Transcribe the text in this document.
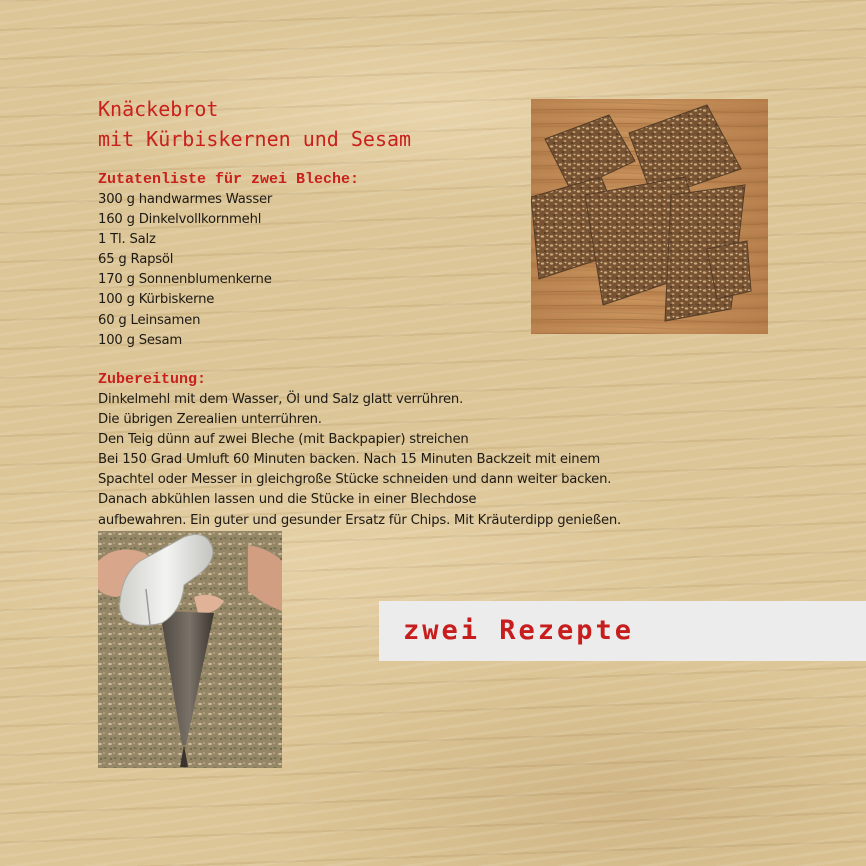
Knäckebrot
mit Kürbiskernen und Sesam
Zutatenliste für zwei Bleche:
300 g handwarmes Wasser
160 g Dinkelvollkornmehl
1 Tl. Salz
65 g Rapsöl
170 g Sonnenblumenkerne
100 g Kürbiskerne
60 g Leinsamen
100 g Sesam
Zubereitung:
Dinkelmehl mit dem Wasser, Öl und Salz glatt verrühren.
Die übrigen Zerealien unterrühren.
Den Teig dünn auf zwei Bleche (mit Backpapier) streichen
Bei 150 Grad Umluft 60 Minuten backen. Nach 15 Minuten Backzeit mit einem
Spachtel oder Messer in gleichgroße Stücke schneiden und dann weiter backen.
Danach abkühlen lassen und die Stücke in einer Blechdose
aufbewahren. Ein guter und gesunder Ersatz für Chips. Mit Kräuterdipp genießen.
zwei Rezepte
